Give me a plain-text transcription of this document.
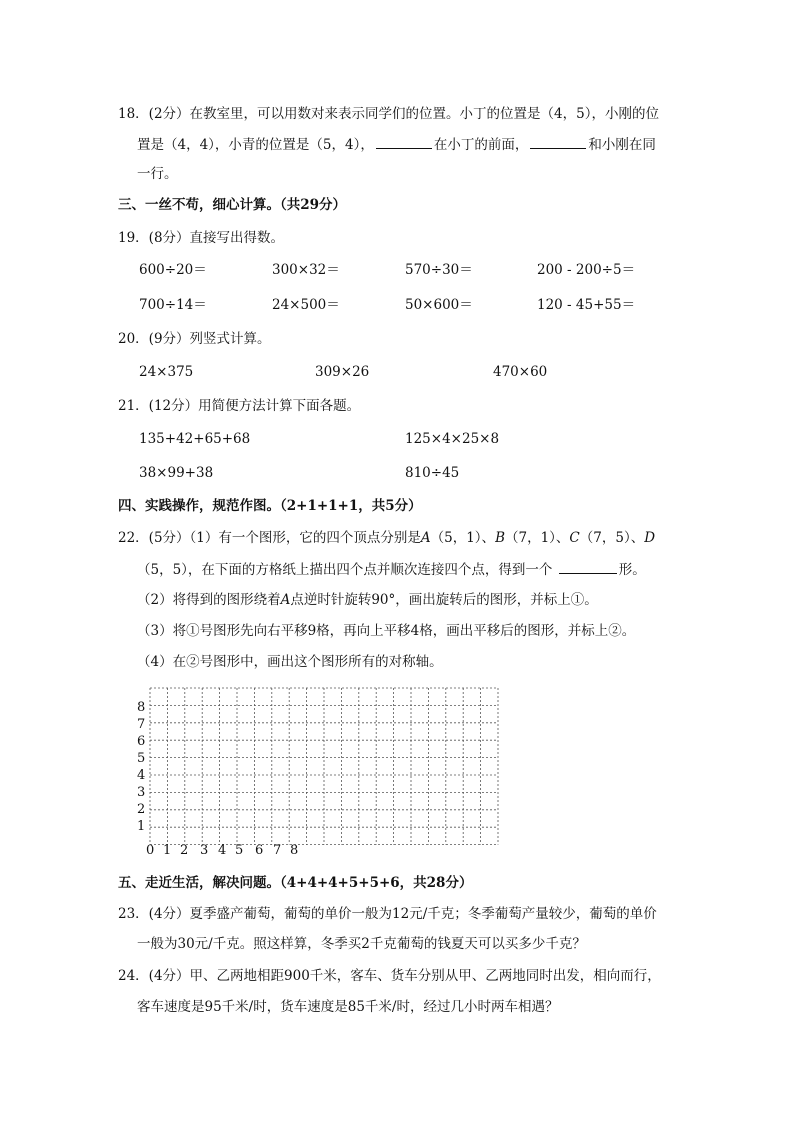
18．(2分）在教室里，可以用数对来表示同学们的位置。小丁的位置是（4，5），小刚的位
置是（4，4），小青的位置是（5，4），	在小丁的前面，	和小刚在同
一行。
三、一丝不苟，细心计算。（共29分）
19．(8分）直接写出得数。
600÷20＝	300×32＝	570÷30＝	200 - 200÷5＝
700÷14＝	24×500＝	50×600＝	120 - 45+55＝
20．(9分）列竖式计算。
24×375	309×26	470×60
21．(12分）用简便方法计算下面各题。
135+42+65+68	125×4×25×8
38×99+38	810÷45
四、实践操作，规范作图。（2+1+1+1，共5分）
22．(5分）（1）有一个图形，它的四个顶点分别是A（5，1）、B（7，1）、C（7，5）、D
（5，5），在下面的方格纸上描出四个点并顺次连接四个点，得到一个	形。
（2）将得到的图形绕着A点逆时针旋转90°，画出旋转后的图形，并标上①。
（3）将①号图形先向右平移9格，再向上平移4格，画出平移后的图形，并标上②。
（4）在②号图形中，画出这个图形所有的对称轴。
8
7
6
5
4
3
2
1
0 1 2 3 4 5 6 7 8
五、走近生活，解决问题。（4+4+4+5+5+6，共28分）
23．(4分）夏季盛产葡萄，葡萄的单价一般为12元/千克；冬季葡萄产量较少，葡萄的单价
一般为30元/千克。照这样算，冬季买2千克葡萄的钱夏天可以买多少千克？
24．(4分）甲、乙两地相距900千米，客车、货车分别从甲、乙两地同时出发，相向而行，
客车速度是95千米/时，货车速度是85千米/时，经过几小时两车相遇？
